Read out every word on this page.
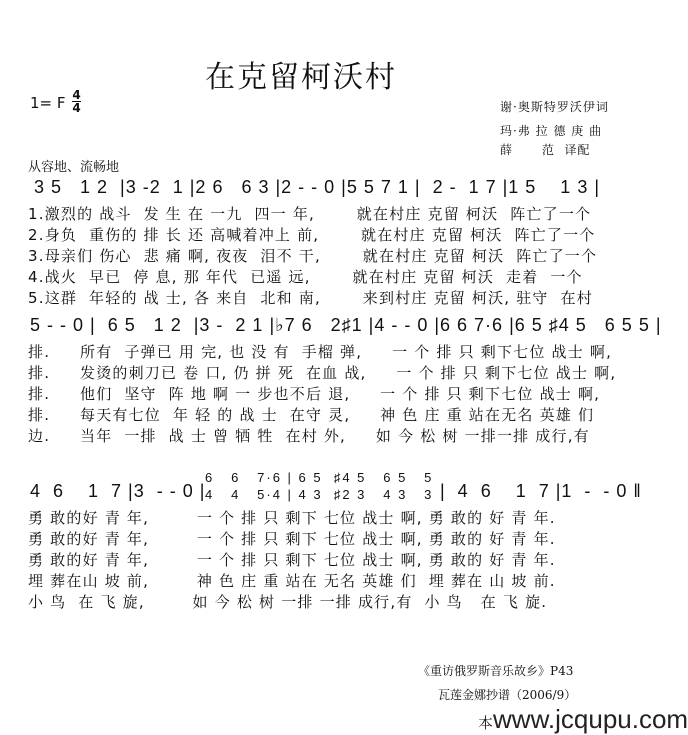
在克留柯沃村
1= F 4
4	谢·奥斯特罗沃伊词
玛·弗 拉 德 庚 曲
薛      范  译配
从容地、流畅地
3 5   1 2  |3 -2  1 |2 6   6 3 |2 - - 0 |5 5 7 1 |  2 -  1 7 |1 5    1 3 |
1.激烈的 战斗  发 生 在 一九  四一 年,       就在村庄 克留 柯沃  阵亡了一个
2.身负  重伤的 排 长 还 高喊着冲上 前,       就在村庄 克留 柯沃  阵亡了一个
3.母亲们 伤心  悲 痛 啊, 夜夜  泪不 干,       就在村庄 克留 柯沃  阵亡了一个
4.战火  早已  停 息, 那 年代  已遥 远,       就在村庄 克留 柯沃  走着  一个
5.这群  年轻的 战 士, 各 来自  北和 南,       来到村庄 克留 柯沃, 驻守  在村
5 - - 0 |  6 5   1 2  |3 -  2 1 |♭7 6   2♯1 |4 - - 0 |6 6 7·6 |6 5 ♯4 5   6 5 5 |
排.     所有  子弹已 用 完, 也 没 有  手榴 弹,     一 个 排 只 剩下七位 战士 啊,
排.     发烫的刺刀已 卷 口, 仍 拼 死  在血 战,     一 个 排 只 剩下七位 战士 啊,
排.     他们  坚守  阵 地 啊 一 步也不后 退,     一 个 排 只 剩下七位 战士 啊,
排.     每天有七位  年 轻 的 战 士  在守 灵,     神 色 庄 重 站在无名 英雄 们
边.     当年  一排  战 士 曾 牺 牲  在村 外,     如 今 松 树 一排一排 成行,有
4  6    1  7 |3  - - 0 |
6   6   7·6 | 6 5  ♯4 5   6 5   5
4   4   5·4 | 4 3  ♯2 3   4 3   3 |  4  6    1  7 |1  -  - 0 ‖
勇 敢的好 青 年,        一 个 排 只 剩下 七位 战士 啊, 勇 敢的 好 青 年.
勇 敢的好 青 年,        一 个 排 只 剩下 七位 战士 啊, 勇 敢的 好 青 年.
勇 敢的好 青 年,        一 个 排 只 剩下 七位 战士 啊, 勇 敢的 好 青 年.
埋 葬在山 坡 前,        神 色 庄 重 站在 无名 英雄 们  埋 葬在 山 坡 前.
小 鸟  在 飞 旋,        如 今 松 树 一排 一排 成行,有  小 鸟   在 飞 旋.
《重访俄罗斯音乐故乡》P43
瓦莲金娜抄谱（2006/9）
本www.jcqupu.com
